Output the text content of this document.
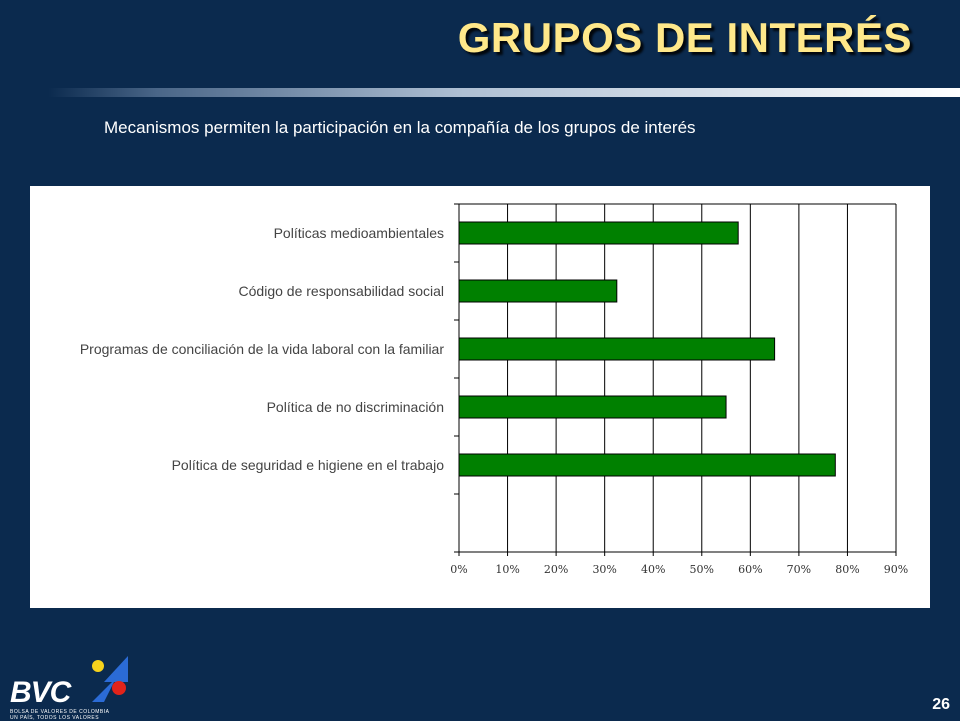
GRUPOS DE INTERÉS
Mecanismos permiten la participación en la compañía de los grupos de interés
0%	10% 20% 30% 40% 50% 60% 70% 80% 90%
Políticas medioambientales
Código de responsabilidad social
Programas de conciliación de la vida laboral con la familiar
Política de no discriminación
Política de seguridad e higiene en el trabajo
BVC
BOLSA DE VALORES DE COLOMBIA
UN PAÍS, TODOS LOS VALORES
26
